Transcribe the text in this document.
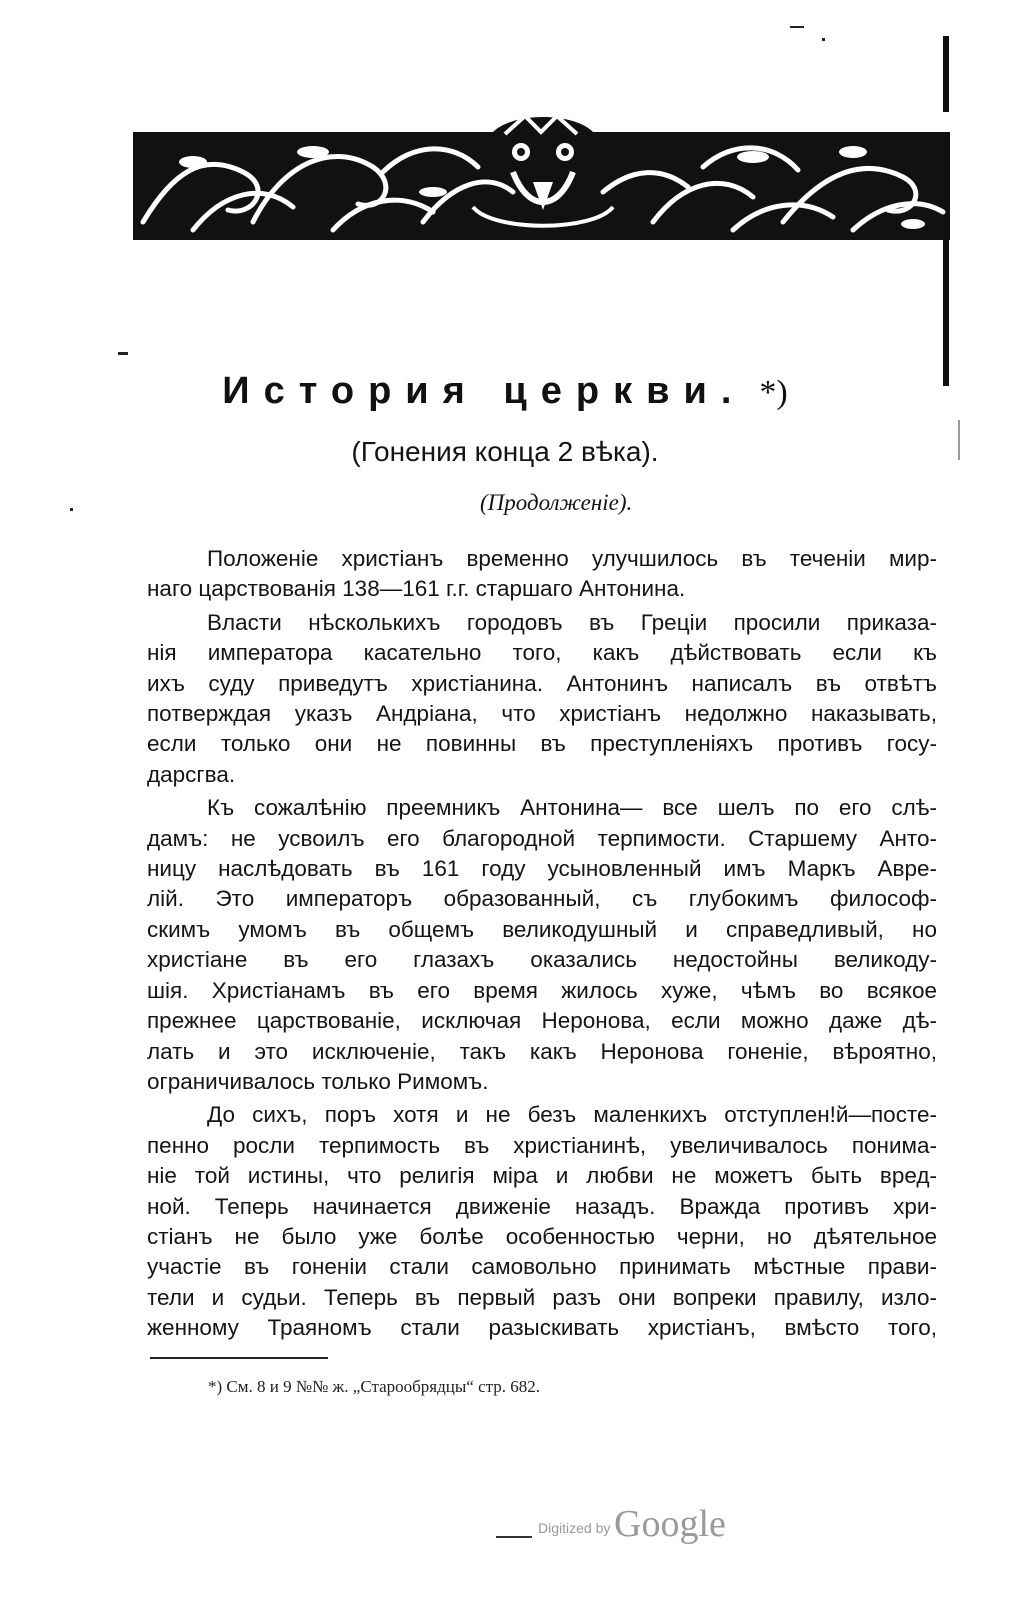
История церкви. *)
(Гонения конца 2 вѣка).
(Продолженіе).
Положеніе христіанъ временно улучшилось въ теченіи мир-
наго царствованія 138—161 г.г. старшаго Антонина.
Власти нѣсколькихъ городовъ въ Греціи просили приказа-
нія императора касательно того, какъ дѣйствовать если къ
ихъ суду приведутъ христіанина. Антонинъ написалъ въ отвѣтъ
потверждая указъ Андріана, что христіанъ недолжно наказывать,
если только они не повинны въ преступленіяхъ противъ госу-
дарсгва.
Къ сожалѣнію преемникъ Антонина— все шелъ по его слѣ-
дамъ: не усвоилъ его благородной терпимости. Старшему Анто-
ницу наслѣдовать въ 161 году усыновленный имъ Маркъ Авре-
лій. Это императоръ образованный, съ глубокимъ философ-
скимъ умомъ въ общемъ великодушный и справедливый, но
христіане въ его глазахъ оказались недостойны великоду-
шія. Христіанамъ въ его время жилось хуже, чѣмъ во всякое
прежнее царствованіе, исключая Неронова, если можно даже дѣ-
лать и это исключеніе, такъ какъ Неронова гоненіе, вѣроятно,
ограничивалось только Римомъ.
До сихъ, поръ хотя и не безъ маленкихъ отступлен!й—посте-
пенно росли терпимость въ христіанинѣ, увеличивалось понима-
ніе той истины, что религія міра и любви не можетъ быть вред-
ной. Теперь начинается движеніе назадъ. Вражда противъ хри-
стіанъ не было уже болѣе особенностью черни, но дѣятельное
участіе въ гоненіи стали самовольно принимать мѣстные прави-
тели и судьи. Теперь въ первый разъ они вопреки правилу, изло-
женному Траяномъ стали разыскивать христіанъ, вмѣсто того,
*) См. 8 и 9 №№ ж. „Старообрядцы“ стр. 682.
Digitized by Google
